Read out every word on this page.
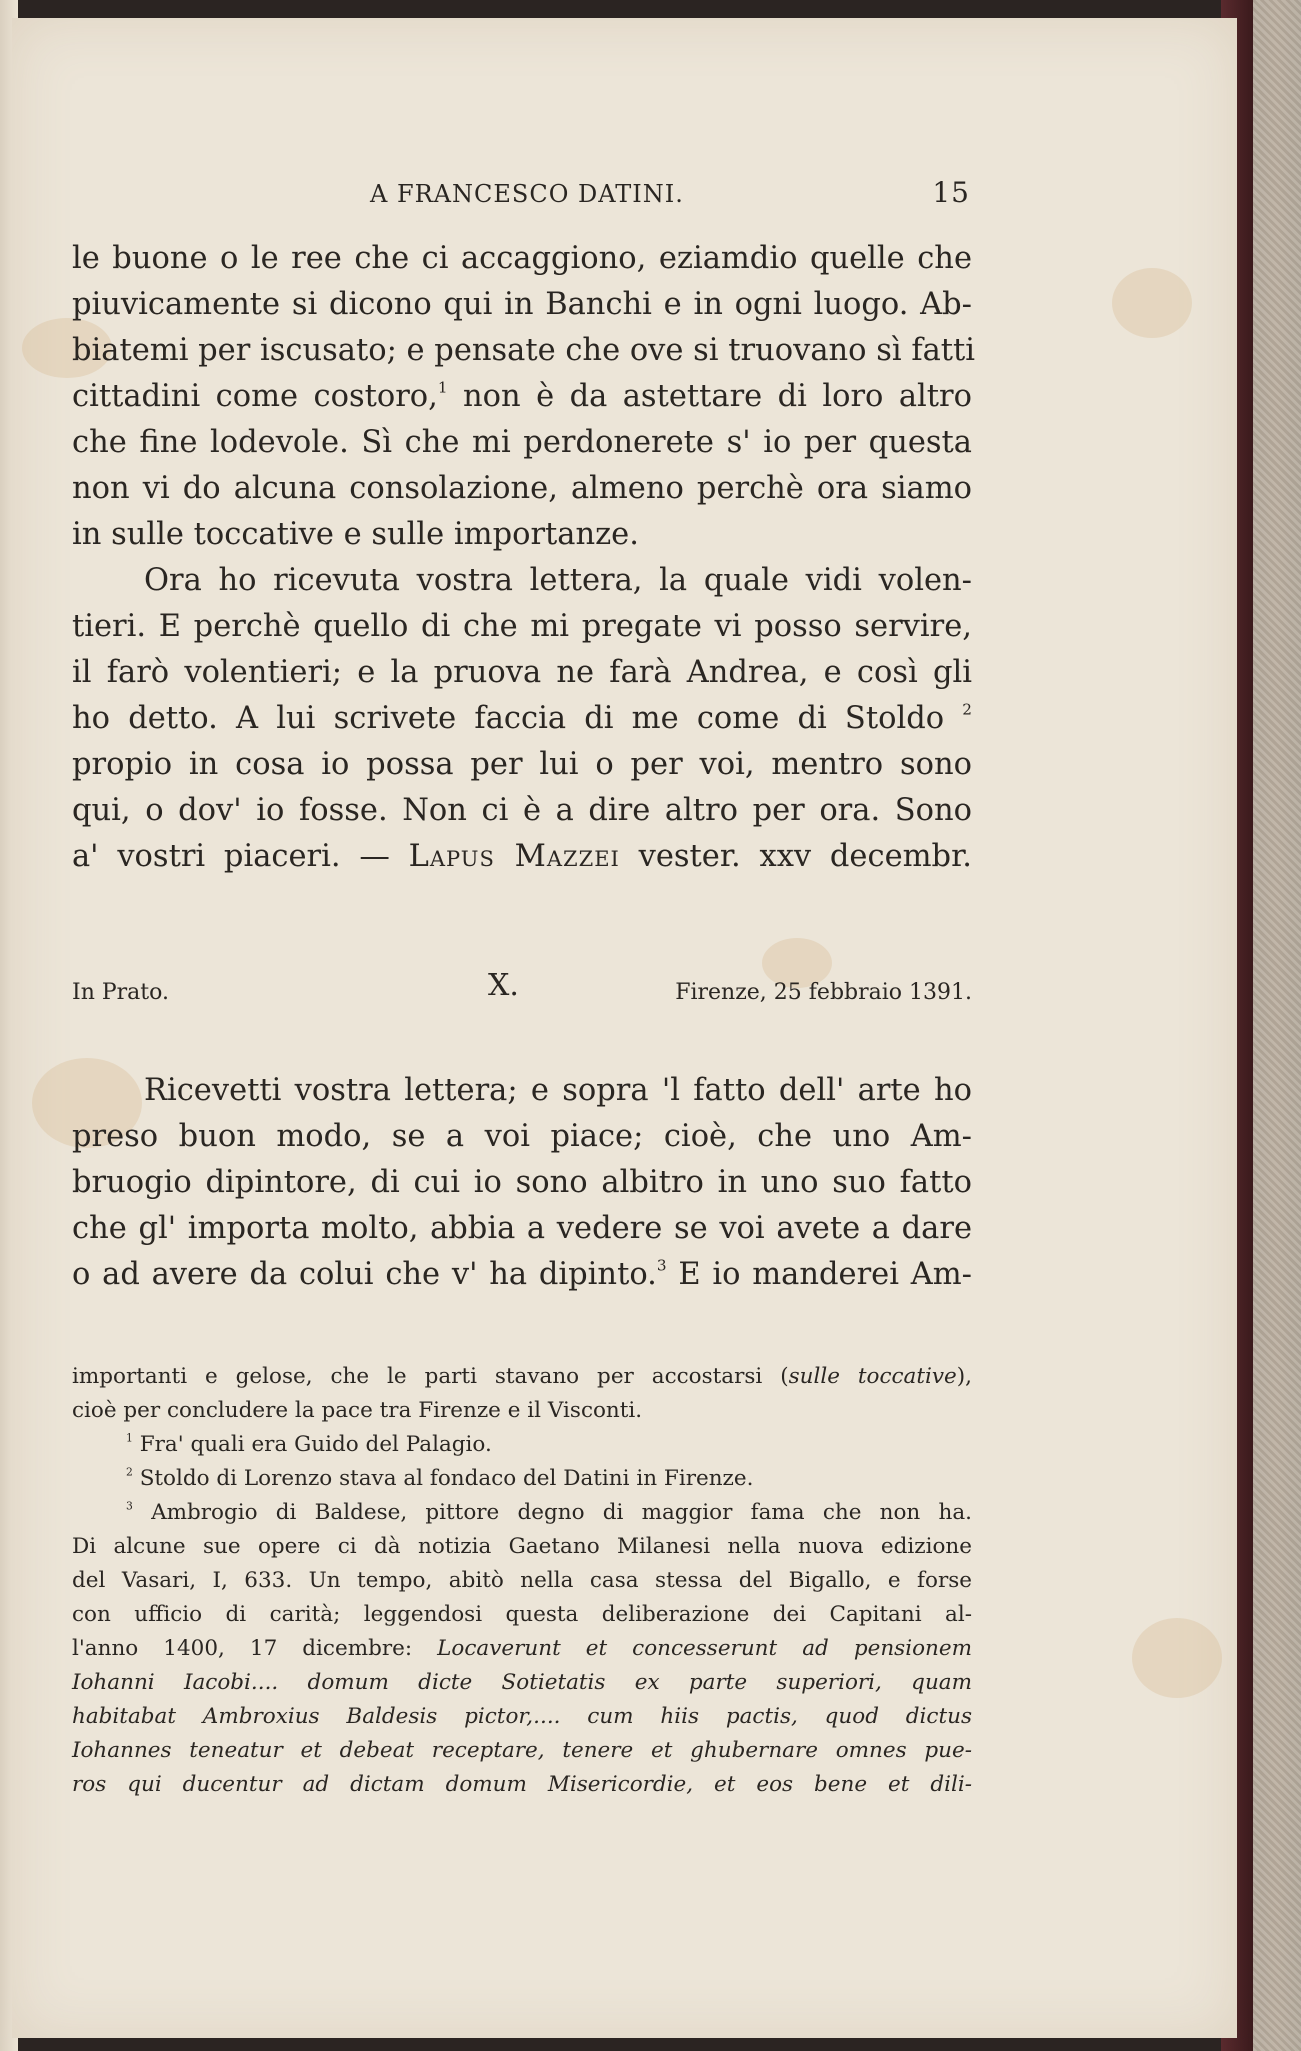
A FRANCESCO DATINI.	15
le buone o le ree che ci accaggiono, eziamdio quelle che
piuvicamente si dicono qui in Banchi e in ogni luogo. Ab-
biatemi per iscusato; e pensate che ove si truovano sì fatti
cittadini come costoro,$^1$ non è da astettare di loro altro
che fine lodevole. Sì che mi perdonerete s' io per questa
non vi do alcuna consolazione, almeno perchè ora siamo
in sulle toccative e sulle importanze.
Ora ho ricevuta vostra lettera, la quale vidi volen-
tieri. E perchè quello di che mi pregate vi posso servire,
il farò volentieri; e la pruova ne farà Andrea, e così gli
ho detto. A lui scrivete faccia di me come di Stoldo $^2$
propio in cosa io possa per lui o per voi, mentro sono
qui, o dov' io fosse. Non ci è a dire altro per ora. Sono
a' vostri piaceri. — Lapus Mazzei vester. xxv decembr.
In Prato.	X.	Firenze, 25 febbraio 1391.
Ricevetti vostra lettera; e sopra 'l fatto dell' arte ho
preso buon modo, se a voi piace; cioè, che uno Am-
bruogio dipintore, di cui io sono albitro in uno suo fatto
che gl' importa molto, abbia a vedere se voi avete a dare
o ad avere da colui che v' ha dipinto.$^3$ E io manderei Am-
importanti e gelose, che le parti stavano per accostarsi (sulle toccative),
cioè per concludere la pace tra Firenze e il Visconti.
$^1$ Fra' quali era Guido del Palagio.
$^2$ Stoldo di Lorenzo stava al fondaco del Datini in Firenze.
$^3$ Ambrogio di Baldese, pittore degno di maggior fama che non ha.
Di alcune sue opere ci dà notizia Gaetano Milanesi nella nuova edizione
del Vasari, I, 633. Un tempo, abitò nella casa stessa del Bigallo, e forse
con ufficio di carità; leggendosi questa deliberazione dei Capitani al-
l'anno 1400, 17 dicembre: Locaverunt et concesserunt ad pensionem
Iohanni Iacobi.... domum dicte Sotietatis ex parte superiori, quam
habitabat Ambroxius Baldesis pictor,.... cum hiis pactis, quod dictus
Iohannes teneatur et debeat receptare, tenere et ghubernare omnes pue-
ros qui ducentur ad dictam domum Misericordie, et eos bene et dili-
